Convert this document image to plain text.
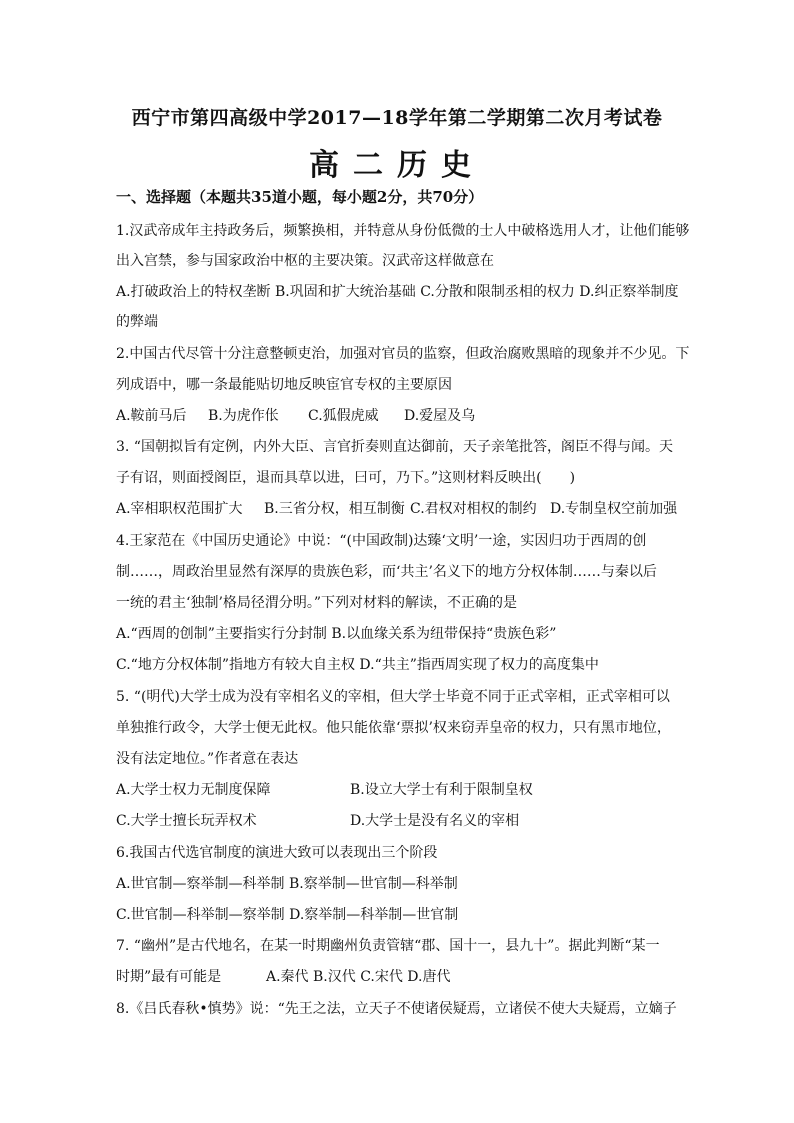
西宁市第四高级中学2017—18学年第二学期第二次月考试卷
高二历史
一、选择题（本题共35道小题，每小题2分，共70分）
1.汉武帝成年主持政务后，频繁换相，并特意从身份低微的士人中破格选用人才，让他们能够
出入宫禁，参与国家政治中枢的主要决策。汉武帝这样做意在
A.打破政治上的特权垄断 B.巩固和扩大统治基础 C.分散和限制丞相的权力 D.纠正察举制度
的弊端
2.中国古代尽管十分注意整顿吏治，加强对官员的监察，但政治腐败黑暗的现象并不少见。下
列成语中，哪一条最能贴切地反映宦官专权的主要原因
A.鞍前马后 B.为虎作伥 C.狐假虎威 D.爱屋及乌
3. “国朝拟旨有定例，内外大臣、言官折奏则直达御前，天子亲笔批答，阁臣不得与闻。天
子有诏，则面授阁臣，退而具草以进，曰可，乃下。”这则材料反映出(　　)
A.宰相职权范围扩大 B.三省分权，相互制衡 C.君权对相权的制约 D.专制皇权空前加强
4.王家范在《中国历史通论》中说：“(中国政制)达臻‘文明’一途，实因归功于西周的创
制……，周政治里显然有深厚的贵族色彩，而‘共主’名义下的地方分权体制……与秦以后
一统的君主‘独制’格局径渭分明。”下列对材料的解读，不正确的是
A.“西周的创制”主要指实行分封制 B.以血缘关系为纽带保持“贵族色彩”
C.“地方分权体制”指地方有较大自主权 D.“共主”指西周实现了权力的高度集中
5. “(明代)大学士成为没有宰相名义的宰相，但大学士毕竟不同于正式宰相，正式宰相可以
单独推行政令，大学士便无此权。他只能依靠‘票拟’权来窃弄皇帝的权力，只有黑市地位，
没有法定地位。”作者意在表达
A.大学士权力无制度保障	B.设立大学士有利于限制皇权
C.大学士擅长玩弄权术	D.大学士是没有名义的宰相
6.我国古代选官制度的演进大致可以表现出三个阶段
A.世官制—察举制—科举制 B.察举制—世官制—科举制
C.世官制—科举制—察举制 D.察举制—科举制—世官制
7. “幽州”是古代地名，在某一时期幽州负责管辖“郡、国十一，县九十”。据此判断“某一
时期”最有可能是	A.秦代 B.汉代 C.宋代 D.唐代
8.《吕氏春秋•慎势》说：“先王之法，立天子不使诸侯疑焉，立诸侯不使大夫疑焉，立嫡子
